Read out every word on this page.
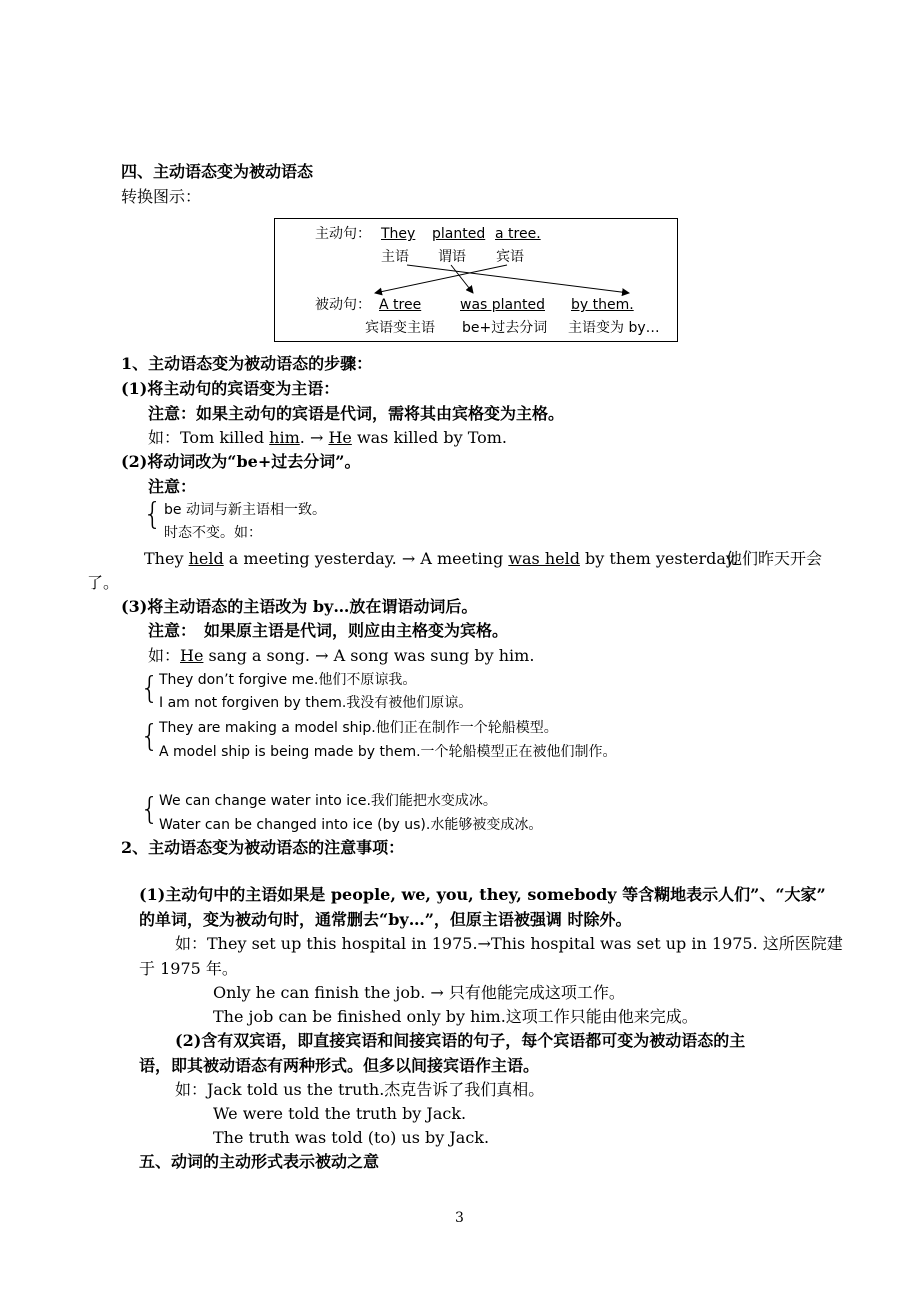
四、主动语态变为被动语态
转换图示：
主动句： They planted a tree.
主语 谓语 宾语
被动句： A tree	was planted by them.
宾语变主语 be+过去分词 主语变为 by…
1、主动语态变为被动语态的步骤：
(1)将主动句的宾语变为主语：
注意：如果主动句的宾语是代词，需将其由宾格变为主格。
如：Tom killed him. → He was killed by Tom.
(2)将动词改为“be+过去分词”。
注意：
{ be 动词与新主语相一致。
时态不变。如：
They held a meeting yesterday. → A meeting was held by them yesterday.
他们昨天开会
了。
(3)将主动语态的主语改为 by…放在谓语动词后。
注意：　如果原主语是代词，则应由主格变为宾格。
如：He sang a song. → A song was sung by him.
{ They don’t forgive me.他们不原谅我。
I am not forgiven by them.我没有被他们原谅。
{ They are making a model ship.他们正在制作一个轮船模型。
A model ship is being made by them.一个轮船模型正在被他们制作。
{ We can change water into ice.我们能把水变成冰。
Water can be changed into ice (by us).水能够被变成冰。
2、主动语态变为被动语态的注意事项：
(1)主动句中的主语如果是 people, we, you, they, somebody 等含糊地表示人们”、“大家”
的单词，变为被动句时，通常删去“by…”，但原主语被强调 时除外。
如：They set up this hospital in 1975.→This hospital was set up in 1975. 这所医院建
于 1975 年。
Only he can finish the job. → 只有他能完成这项工作。
The job can be finished only by him.这项工作只能由他来完成。
(2)含有双宾语，即直接宾语和间接宾语的句子，每个宾语都可变为被动语态的主
语，即其被动语态有两种形式。但多以间接宾语作主语。
如：Jack told us the truth.杰克告诉了我们真相。
We were told the truth by Jack.
The truth was told (to) us by Jack.
五、动词的主动形式表示被动之意
3
